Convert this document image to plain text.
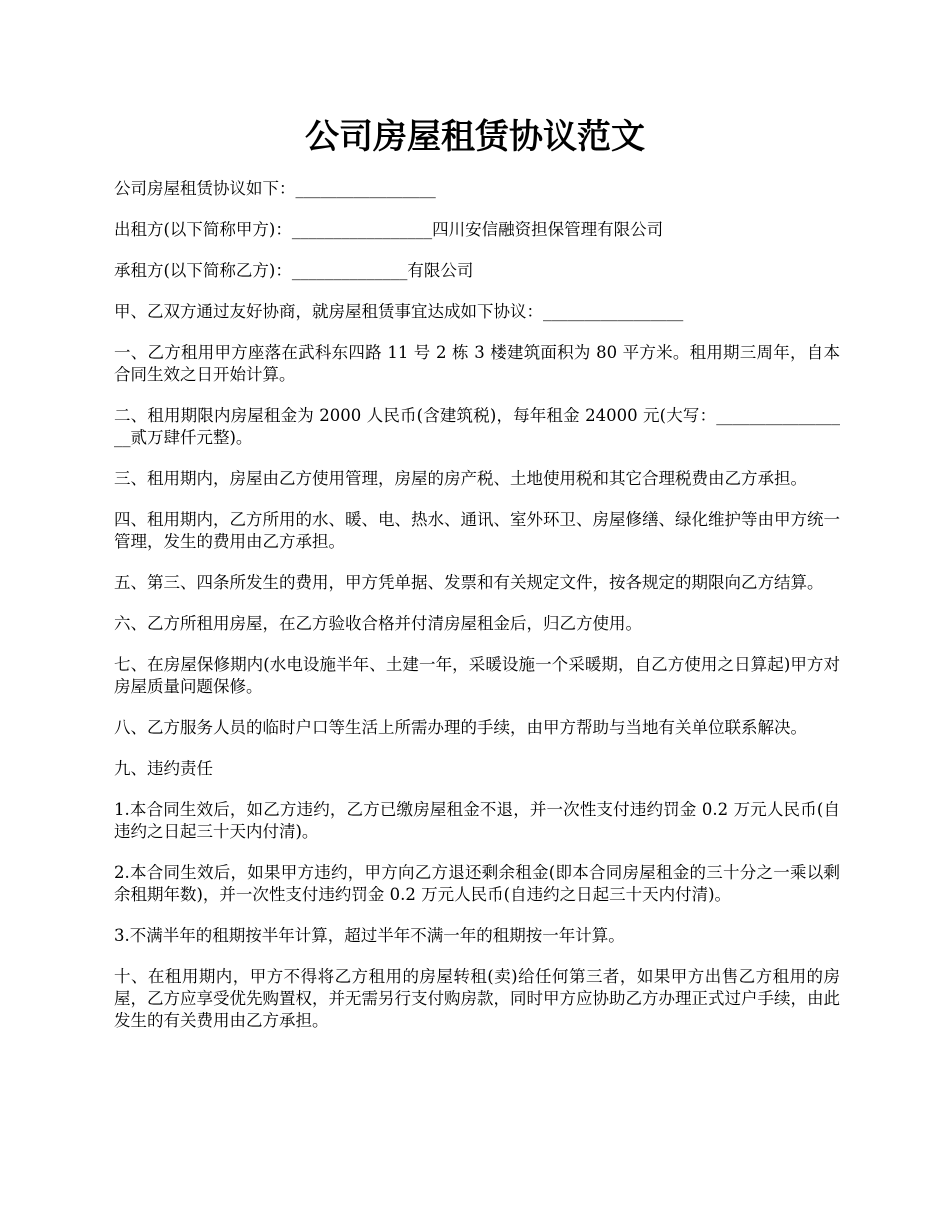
公司房屋租赁协议范文

公司房屋租赁协议如下：_________________

出租方(以下简称甲方)：_________________四川安信融资担保管理有限公司

承租方(以下简称乙方)：______________有限公司

甲、乙双方通过友好协商，就房屋租赁事宜达成如下协议：_________________

一、乙方租用甲方座落在武科东四路 11 号 2 栋 3 楼建筑面积为 80 平方米。租用期三周年，自本合同生效之日开始计算。

二、租用期限内房屋租金为 2000 人民币(含建筑税)，每年租金 24000 元(大写：_________________贰万肆仟元整)。

三、租用期内，房屋由乙方使用管理，房屋的房产税、土地使用税和其它合理税费由乙方承担。

四、租用期内，乙方所用的水、暖、电、热水、通讯、室外环卫、房屋修缮、绿化维护等由甲方统一管理，发生的费用由乙方承担。

五、第三、四条所发生的费用，甲方凭单据、发票和有关规定文件，按各规定的期限向乙方结算。

六、乙方所租用房屋，在乙方验收合格并付清房屋租金后，归乙方使用。

七、在房屋保修期内(水电设施半年、土建一年，采暖设施一个采暖期，自乙方使用之日算起)甲方对房屋质量问题保修。

八、乙方服务人员的临时户口等生活上所需办理的手续，由甲方帮助与当地有关单位联系解决。

九、违约责任

1.本合同生效后，如乙方违约，乙方已缴房屋租金不退，并一次性支付违约罚金 0.2 万元人民币(自违约之日起三十天内付清)。

2.本合同生效后，如果甲方违约，甲方向乙方退还剩余租金(即本合同房屋租金的三十分之一乘以剩余租期年数)，并一次性支付违约罚金 0.2 万元人民币(自违约之日起三十天内付清)。

3.不满半年的租期按半年计算，超过半年不满一年的租期按一年计算。

十、在租用期内，甲方不得将乙方租用的房屋转租(卖)给任何第三者，如果甲方出售乙方租用的房屋，乙方应享受优先购置权，并无需另行支付购房款，同时甲方应协助乙方办理正式过户手续，由此发生的有关费用由乙方承担。
